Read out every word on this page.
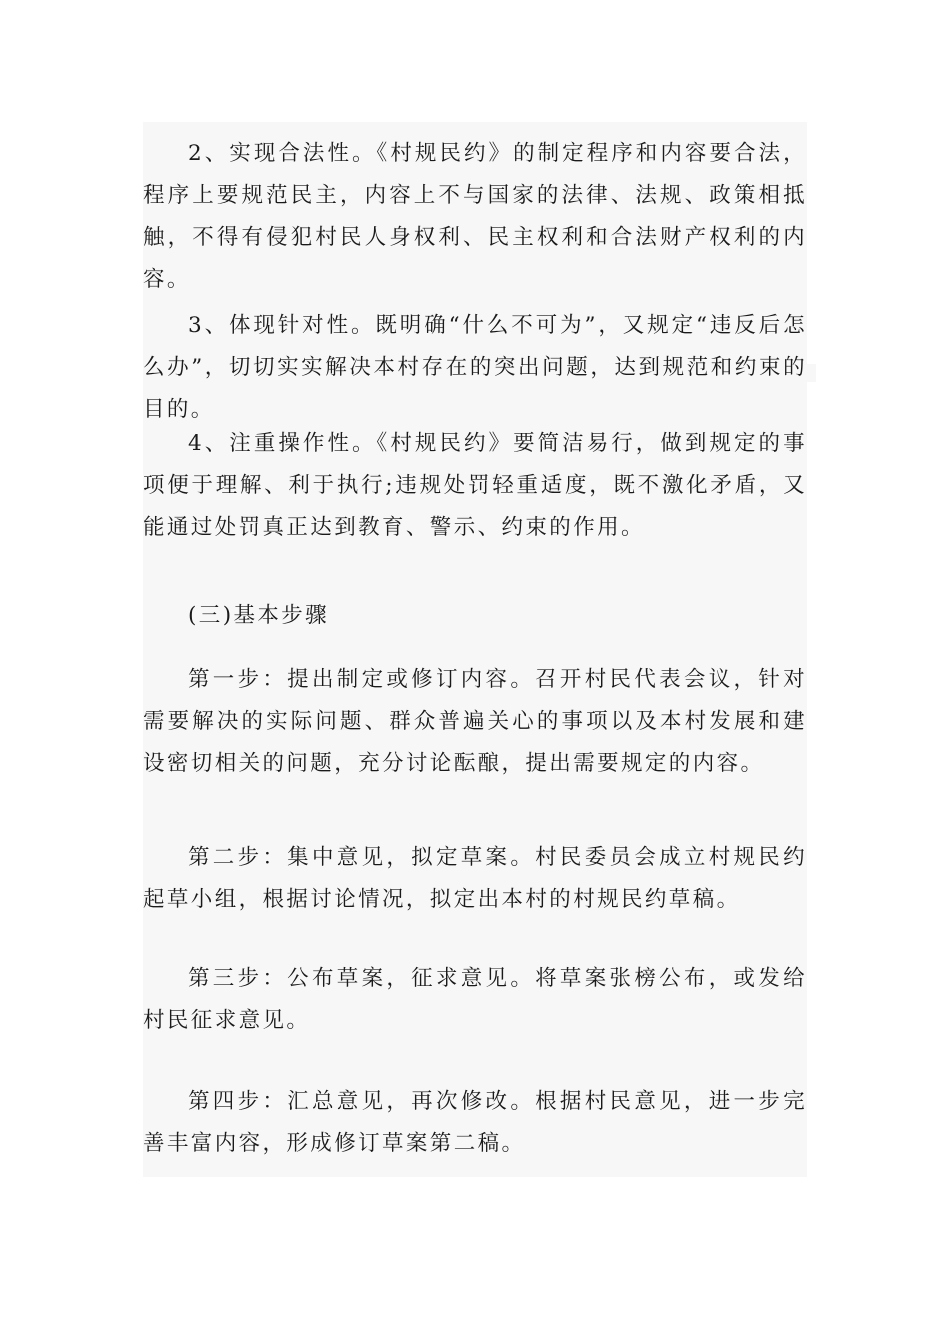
2、实现合法性。《村规民约》的制定程序和内容要合法，程序上要规范民主，内容上不与国家的法律、法规、政策相抵触，不得有侵犯村民人身权利、民主权利和合法财产权利的内容。

3、体现针对性。既明确“什么不可为”，又规定“违反后怎么办”，切切实实解决本村存在的突出问题，达到规范和约束的目的。

4、注重操作性。《村规民约》要简洁易行，做到规定的事项便于理解、利于执行;违规处罚轻重适度，既不激化矛盾，又能通过处罚真正达到教育、警示、约束的作用。

(三)基本步骤

第一步：提出制定或修订内容。召开村民代表会议，针对需要解决的实际问题、群众普遍关心的事项以及本村发展和建设密切相关的问题，充分讨论酝酿，提出需要规定的内容。

第二步：集中意见，拟定草案。村民委员会成立村规民约起草小组，根据讨论情况，拟定出本村的村规民约草稿。

第三步：公布草案，征求意见。将草案张榜公布，或发给村民征求意见。

第四步：汇总意见，再次修改。根据村民意见，进一步完善丰富内容，形成修订草案第二稿。
